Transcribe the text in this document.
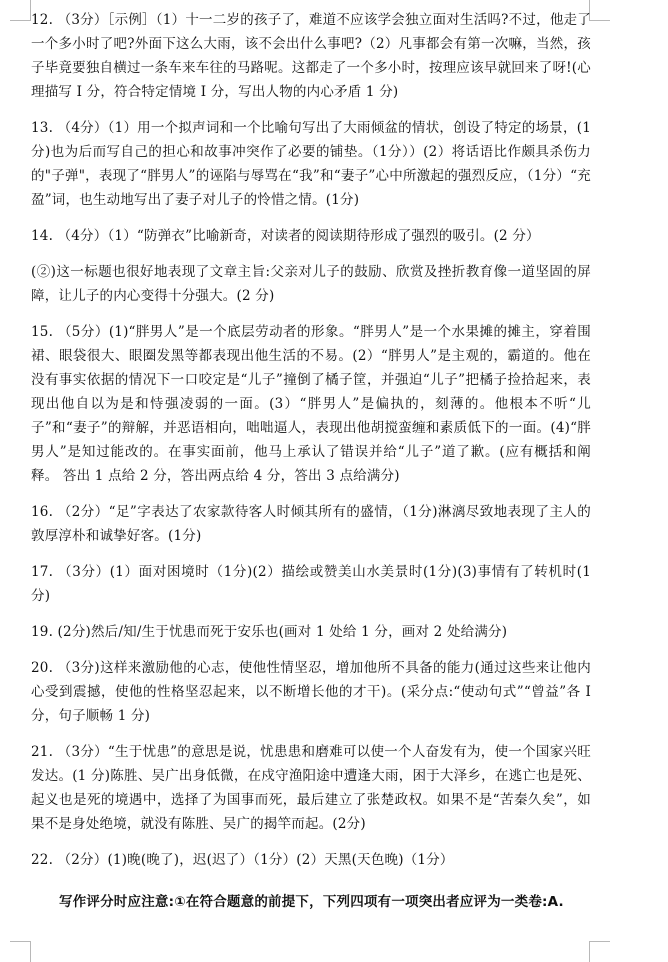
12. （3分）［示例］（1）十一二岁的孩子了，难道不应该学会独立面对生活吗?不过，他走了一个多小时了吧?外面下这么大雨，该不会出什么事吧?（2）凡事都会有第一次嘛，当然，孩子毕竟要独自横过一条车来车往的马路呢。这都走了一个多小时，按理应该早就回来了呀!(心理描写 I 分，符合特定情境 I 分，写出人物的内心矛盾 1 分)

13. （4分）（1）用一个拟声词和一个比喻句写出了大雨倾盆的情状，创设了特定的场景，(1分)也为后而写自己的担心和故事冲突作了必要的铺垫。（1分））(2）将话语比作颇具杀伤力的"子弹"，表现了“胖男人”的诬陷与辱骂在“我”和“妻子”心中所激起的强烈反应，（1分）“充盈”词，也生动地写出了妻子对儿子的怜惜之情。(1分)

14. （4分）（1）“防弹衣”比喻新奇，对读者的阅读期待形成了强烈的吸引。(2 分）

(②)这一标题也很好地表现了文章主旨:父亲对儿子的鼓励、欣赏及挫折教育像一道坚固的屏障，让儿子的内心变得十分强大。(2 分)

15. （5分）(1)“胖男人”是一个底层劳动者的形象。“胖男人”是一个水果摊的摊主，穿着围裙、眼袋很大、眼圈发黑等都表现出他生活的不易。(2）“胖男人”是主观的，霸道的。他在没有事实依据的情况下一口咬定是“儿子”撞倒了橘子筐，并强迫“儿子”把橘子捡拾起来，表现出他自以为是和恃强凌弱的一面。(3）“胖男人”是偏执的，刻薄的。他根本不听“儿子”和“妻子”的辩解，并恶语相向，咄咄逼人，表现出他胡搅蛮缠和素质低下的一面。(4)“胖男人”是知过能改的。在事实面前，他马上承认了错误并给“儿子”道了歉。(应有概括和阐释。 答出 1 点给 2 分，答出两点给 4 分，答出 3 点给满分)

16. （2分）“足”字表达了农家款待客人时倾其所有的盛情，（1分)淋漓尽致地表现了主人的敦厚淳朴和诚挚好客。(1分)

17. （3分）(1）面对困境时（1分)(2）描绘或赞美山水美景时(1分)(3)事情有了转机时(1分)

19. (2分)然后/知/生于忧患而死于安乐也(画对 1 处给 1 分，画对 2 处给满分)

20. （3分)这样来激励他的心志，使他性情坚忍，增加他所不具备的能力(通过这些来让他内心受到震撼，使他的性格坚忍起来，以不断增长他的才干)。(采分点:“使动句式”“曾益”各 I 分，句子顺畅 1 分)

21. （3分）“生于忧患”的意思是说，忧患患和磨难可以使一个人奋发有为，使一个国家兴旺发达。(1 分)陈胜、吴广出身低微，在戍守渔阳途中遭逢大雨，困于大泽乡，在逃亡也是死、起义也是死的境遇中，选择了为国事而死，最后建立了张楚政权。如果不是“苦秦久矣”，如果不是身处绝境，就没有陈胜、吴广的揭竿而起。(2分)

22. （2分）(1)晚(晚了)，迟(迟了）（1分）(2）天黑(天色晚)（1分）

写作评分时应注意:①在符合题意的前提下，下列四项有一项突出者应评为一类卷:A.
